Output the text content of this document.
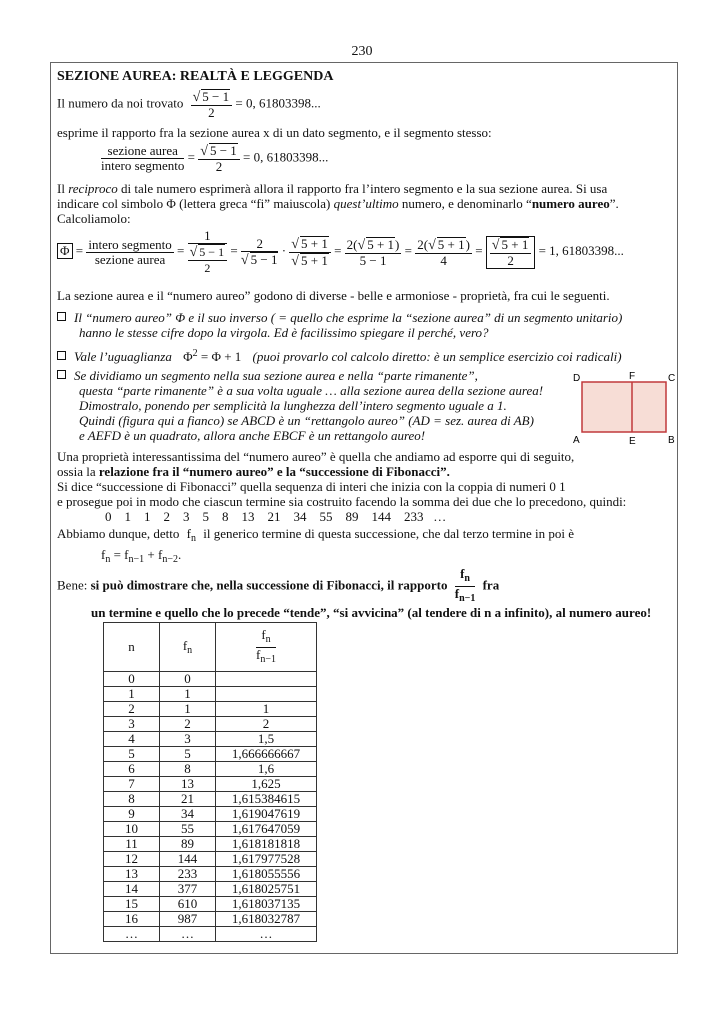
230
SEZIONE AUREA: REALTÀ E LEGGENDA
Il numero da noi trovato $\frac{√ 5 - 1}{2} = 0$, 61803398...
esprime il rapporto fra la sezione aurea x di un dato segmento, e il segmento stesso:
$\frac{\text{sezione aurea}}{\text{intero segmento}} = \frac{√ 5 - 1}{2} = 0$, 61803398...
Il reciproco di tale numero esprimerà allora il rapporto fra l’intero segmento e la sua sezione aurea. Si usa
indicare col simbolo Φ (lettera greca “fi” maiuscola) quest’ultimo numero, e denominarlo “numero aureo”.
Calcoliamolo:
$\Phi = \frac{\text{intero segmento}}{\text{sezione aurea}} = \frac{1}{\frac{√ 5 - 1}{2}} = \frac{2}{√ 5 - 1} \cdot \frac{√ 5 + 1}{√ 5 + 1} = \frac{2(√ 5 + 1)}{5 - 1} = \frac{2(√ 5 + 1)}{4} = \frac{√ 5 + 1}{2} = 1$, 61803398...
La sezione aurea e il “numero aureo” godono di diverse - belle e armoniose - proprietà, fra cui le seguenti.
Il “numero aureo” Φ e il suo inverso ( = quello che esprime la “sezione aurea” di un segmento unitario)
hanno le stesse cifre dopo la virgola. Ed è facilissimo spiegare il perché, vero?
Vale l’uguaglianza $\Phi^2 = \Phi + 1$ (puoi provarlo col calcolo diretto: è un semplice esercizio coi radicali)
Se dividiamo un segmento nella sua sezione aurea e nella “parte rimanente”,
questa “parte rimanente” è a sua volta uguale … alla sezione aurea della sezione aurea!
Dimostralo, ponendo per semplicità la lunghezza dell’intero segmento uguale a 1.
Quindi (figura qui a fianco) se ABCD è un “rettangolo aureo” (AD = sez. aurea di AB)
e AEFD è un quadrato, allora anche EBCF è un rettangolo aureo!
D	F	C
A	E	B
Una proprietà interessantissima del “numero aureo” è quella che andiamo ad esporre qui di seguito,
ossia la relazione fra il “numero aureo” e la “successione di Fibonacci”.
Si dice “successione di Fibonacci” quella sequenza di interi che inizia con la coppia di numeri 0 1
e prosegue poi in modo che ciascun termine sia costruito facendo la somma dei due che lo precedono, quindi:
0    1    1    2    3    5    8    13    21    34    55    89    144    233   …
Abbiamo dunque, detto $f_n$ il generico termine di questa successione, che dal terzo termine in poi è
$f_n = f_{n-1} + f_{n-2}$.
Bene: si può dimostrare che, nella successione di Fibonacci, il rapporto $\frac{f_n}{f_{n-1}}$ fra
un termine e quello che lo precede “tende”, “si avvicina” (al tendere di n a infinito), al numero aureo!
n	$f_n$	$\frac{f_n}{f_{n-1}}$

0	0	
1	1	
2	1	1
3	2	2
4	3	1,5
5	5	1,666666667
6	8	1,6
7	13	1,625
8	21	1,615384615
9	34	1,619047619
10	55	1,617647059
11	89	1,618181818
12	144	1,617977528
13	233	1,618055556
14	377	1,618025751
15	610	1,618037135
16	987	1,618032787
…	…	…
